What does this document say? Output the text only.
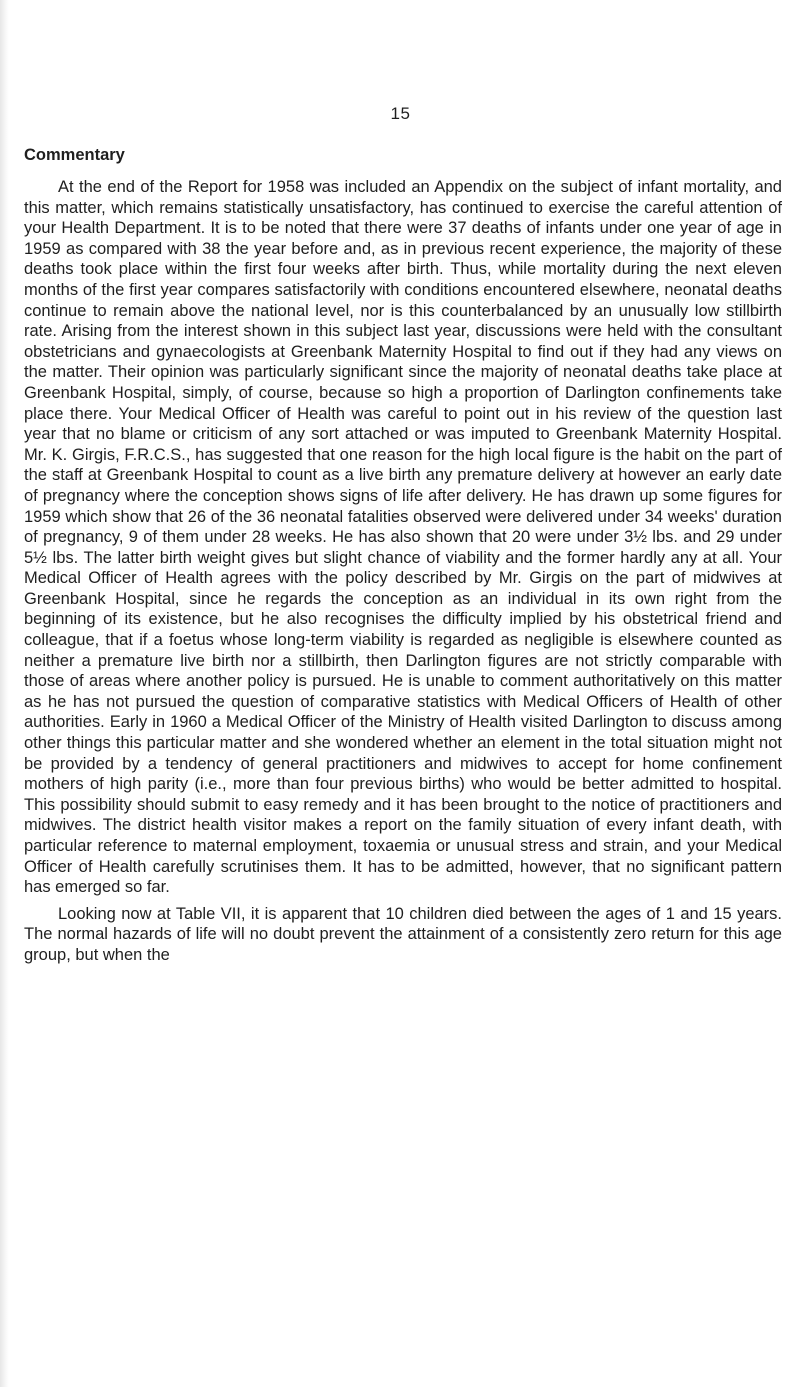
15
Commentary

At the end of the Report for 1958 was included an Appendix on the subject of infant mortality, and this matter, which remains statistically unsatisfactory, has continued to exercise the careful attention of your Health Department. It is to be noted that there were 37 deaths of infants under one year of age in 1959 as compared with 38 the year before and, as in previous recent experience, the majority of these deaths took place within the first four weeks after birth. Thus, while mortality during the next eleven months of the first year compares satisfactorily with conditions encountered elsewhere, neonatal deaths continue to remain above the national level, nor is this counterbalanced by an unusually low stillbirth rate. Arising from the interest shown in this subject last year, discussions were held with the consultant obstetricians and gynaecologists at Greenbank Maternity Hospital to find out if they had any views on the matter. Their opinion was particularly significant since the majority of neonatal deaths take place at Greenbank Hospital, simply, of course, because so high a proportion of Darlington confinements take place there. Your Medical Officer of Health was careful to point out in his review of the question last year that no blame or criticism of any sort attached or was imputed to Greenbank Maternity Hospital. Mr. K. Girgis, F.R.C.S., has suggested that one reason for the high local figure is the habit on the part of the staff at Greenbank Hospital to count as a live birth any premature delivery at however an early date of pregnancy where the conception shows signs of life after delivery. He has drawn up some figures for 1959 which show that 26 of the 36 neonatal fatalities observed were delivered under 34 weeks' duration of pregnancy, 9 of them under 28 weeks. He has also shown that 20 were under 3½ lbs. and 29 under 5½ lbs. The latter birth weight gives but slight chance of viability and the former hardly any at all. Your Medical Officer of Health agrees with the policy described by Mr. Girgis on the part of midwives at Greenbank Hospital, since he regards the conception as an individual in its own right from the beginning of its existence, but he also recognises the difficulty implied by his obstetrical friend and colleague, that if a foetus whose long-term viability is regarded as negligible is elsewhere counted as neither a premature live birth nor a stillbirth, then Darlington figures are not strictly comparable with those of areas where another policy is pursued. He is unable to comment authoritatively on this matter as he has not pursued the question of comparative statistics with Medical Officers of Health of other authorities. Early in 1960 a Medical Officer of the Ministry of Health visited Darlington to discuss among other things this particular matter and she wondered whether an element in the total situation might not be provided by a tendency of general practitioners and midwives to accept for home confinement mothers of high parity (i.e., more than four previous births) who would be better admitted to hospital. This possibility should submit to easy remedy and it has been brought to the notice of practitioners and midwives. The district health visitor makes a report on the family situation of every infant death, with particular reference to maternal employment, toxaemia or unusual stress and strain, and your Medical Officer of Health carefully scrutinises them. It has to be admitted, however, that no significant pattern has emerged so far.

Looking now at Table VII, it is apparent that 10 children died between the ages of 1 and 15 years. The normal hazards of life will no doubt prevent the attainment of a consistently zero return for this age group, but when the
